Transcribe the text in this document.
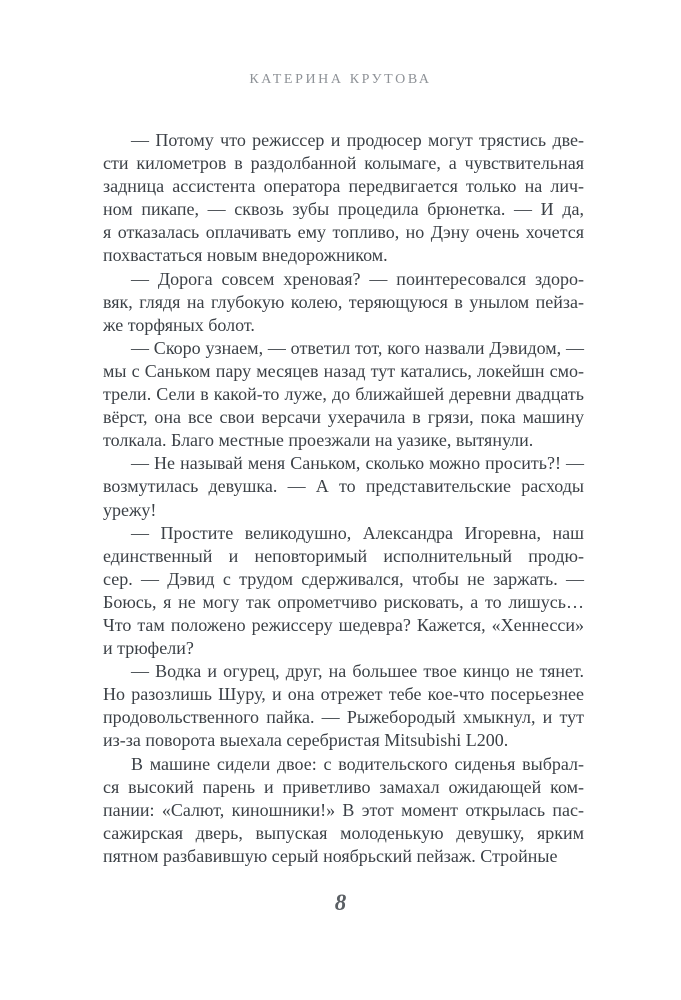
КАТЕРИНА КРУТОВА
— Потому что режиссер и продюсер могут трястись две-
сти километров в раздолбанной колымаге, а чувствительная
задница ассистента оператора передвигается только на лич-
ном пикапе, — сквозь зубы процедила брюнетка. — И да,
я отказалась оплачивать ему топливо, но Дэну очень хочется
похвастаться новым внедорожником.
— Дорога совсем хреновая? — поинтересовался здоро-
вяк, глядя на глубокую колею, теряющуюся в унылом пейза-
же торфяных болот.
— Скоро узнаем, — ответил тот, кого назвали Дэвидом, —
мы с Саньком пару месяцев назад тут катались, локейшн смо-
трели. Сели в какой-то луже, до ближайшей деревни двадцать
вёрст, она все свои версачи ухерачила в грязи, пока машину
толкала. Благо местные проезжали на уазике, вытянули.
— Не называй меня Саньком, сколько можно просить?! —
возмутилась девушка. — А то представительские расходы
урежу!
— Простите великодушно, Александра Игоревна, наш
единственный и неповторимый исполнительный продю-
сер. — Дэвид с трудом сдерживался, чтобы не заржать. —
Боюсь, я не могу так опрометчиво рисковать, а то лишусь…
Что там положено режиссеру шедевра? Кажется, «Хеннесси»
и трюфели?
— Водка и огурец, друг, на большее твое кинцо не тянет.
Но разозлишь Шуру, и она отрежет тебе кое-что посерьезнее
продовольственного пайка. — Рыжебородый хмыкнул, и тут
из-за поворота выехала серебристая Mitsubishi L200.
В машине сидели двое: с водительского сиденья выбрал-
ся высокий парень и приветливо замахал ожидающей ком-
пании: «Салют, киношники!» В этот момент открылась пас-
сажирская дверь, выпуская молоденькую девушку, ярким
пятном разбавившую серый ноябрьский пейзаж. Стройные
8
